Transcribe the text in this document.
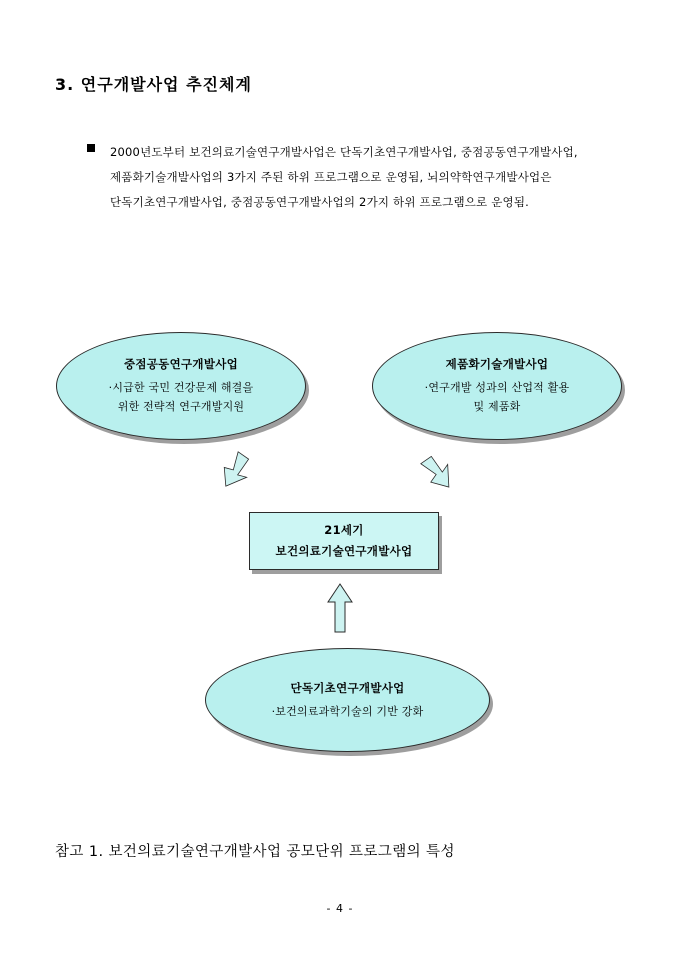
3. 연구개발사업 추진체계
2000년도부터 보건의료기술연구개발사업은 단독기초연구개발사업, 중점공동연구개발사업,
제품화기술개발사업의 3가지 주된 하위 프로그램으로 운영됨, 뇌의약학연구개발사업은
단독기초연구개발사업, 중점공동연구개발사업의 2가지 하위 프로그램으로 운영됨.
중점공동연구개발사업
·시급한 국민 건강문제 해결을
위한 전략적 연구개발지원
제품화기술개발사업
·연구개발 성과의 산업적 활용
및 제품화
21세기
보건의료기술연구개발사업
단독기초연구개발사업
·보건의료과학기술의 기반 강화
참고 1. 보건의료기술연구개발사업 공모단위 프로그램의 특성
- 4 -
